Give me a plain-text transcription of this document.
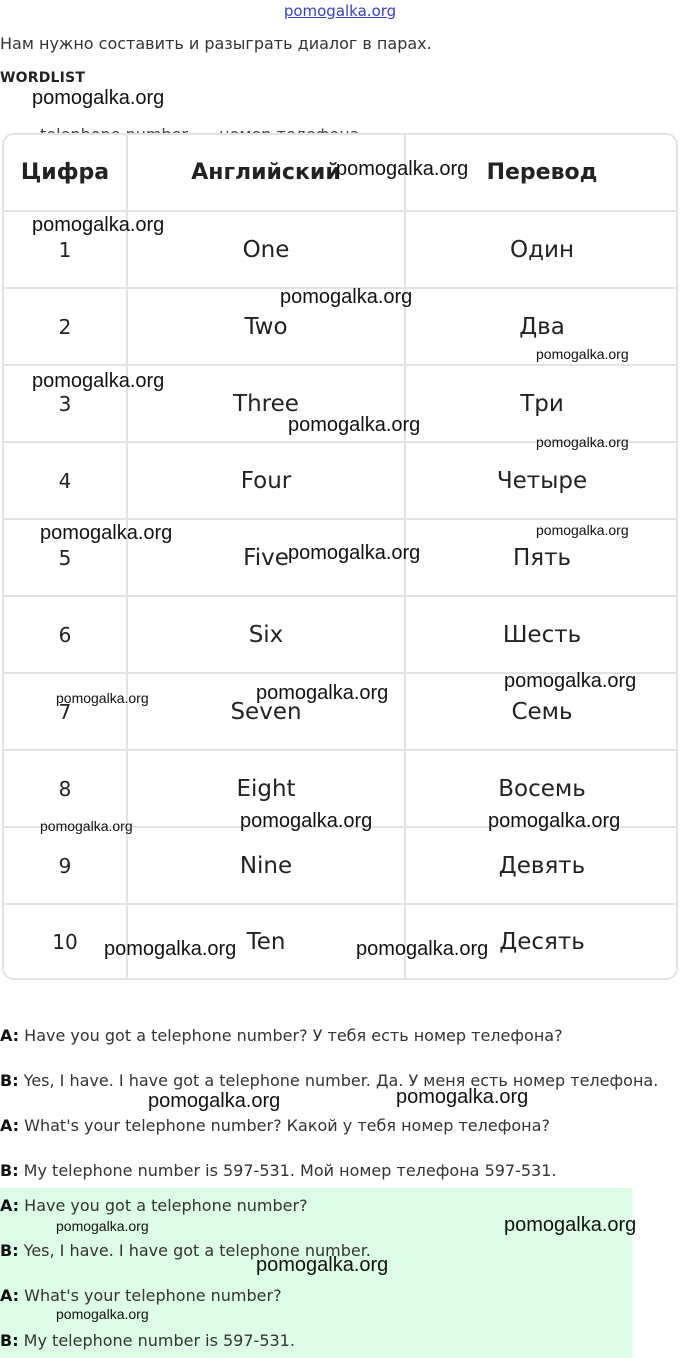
pomogalka.org
Нам нужно составить и разыграть диалог в парах.
WORDLIST

Цифра	Английский	Перевод
1	One	Один
2	Two	Два
3	Three	Три
4	Four	Четыре
5	Five	Пять
6	Six	Шесть
7	Seven	Семь
8	Eight	Восемь
9	Nine	Девять
10	Ten	Десять
A: Have you got a telephone number? У тебя есть номер телефона?
B: Yes, I have. I have got a telephone number. Да. У меня есть номер телефона.
A: What's your telephone number? Какой у тебя номер телефона?
B: My telephone number is 597-531. Мой номер телефона 597-531.
A: Have you got a telephone number?
B: Yes, I have. I have got a telephone number.
A: What's your telephone number?
B: My telephone number is 597-531.
pomogalka.org
pomogalka.org
pomogalka.org
pomogalka.org
pomogalka.org
pomogalka.org
pomogalka.org
pomogalka.org
pomogalka.org
pomogalka.org
pomogalka.org
pomogalka.org
pomogalka.org
pomogalka.org
pomogalka.org	pomogalka.org
pomogalka.org
pomogalka.org	pomogalka.org
pomogalka.org	pomogalka.org
pomogalka.org	pomogalka.org
pomogalka.org
pomogalka.org
